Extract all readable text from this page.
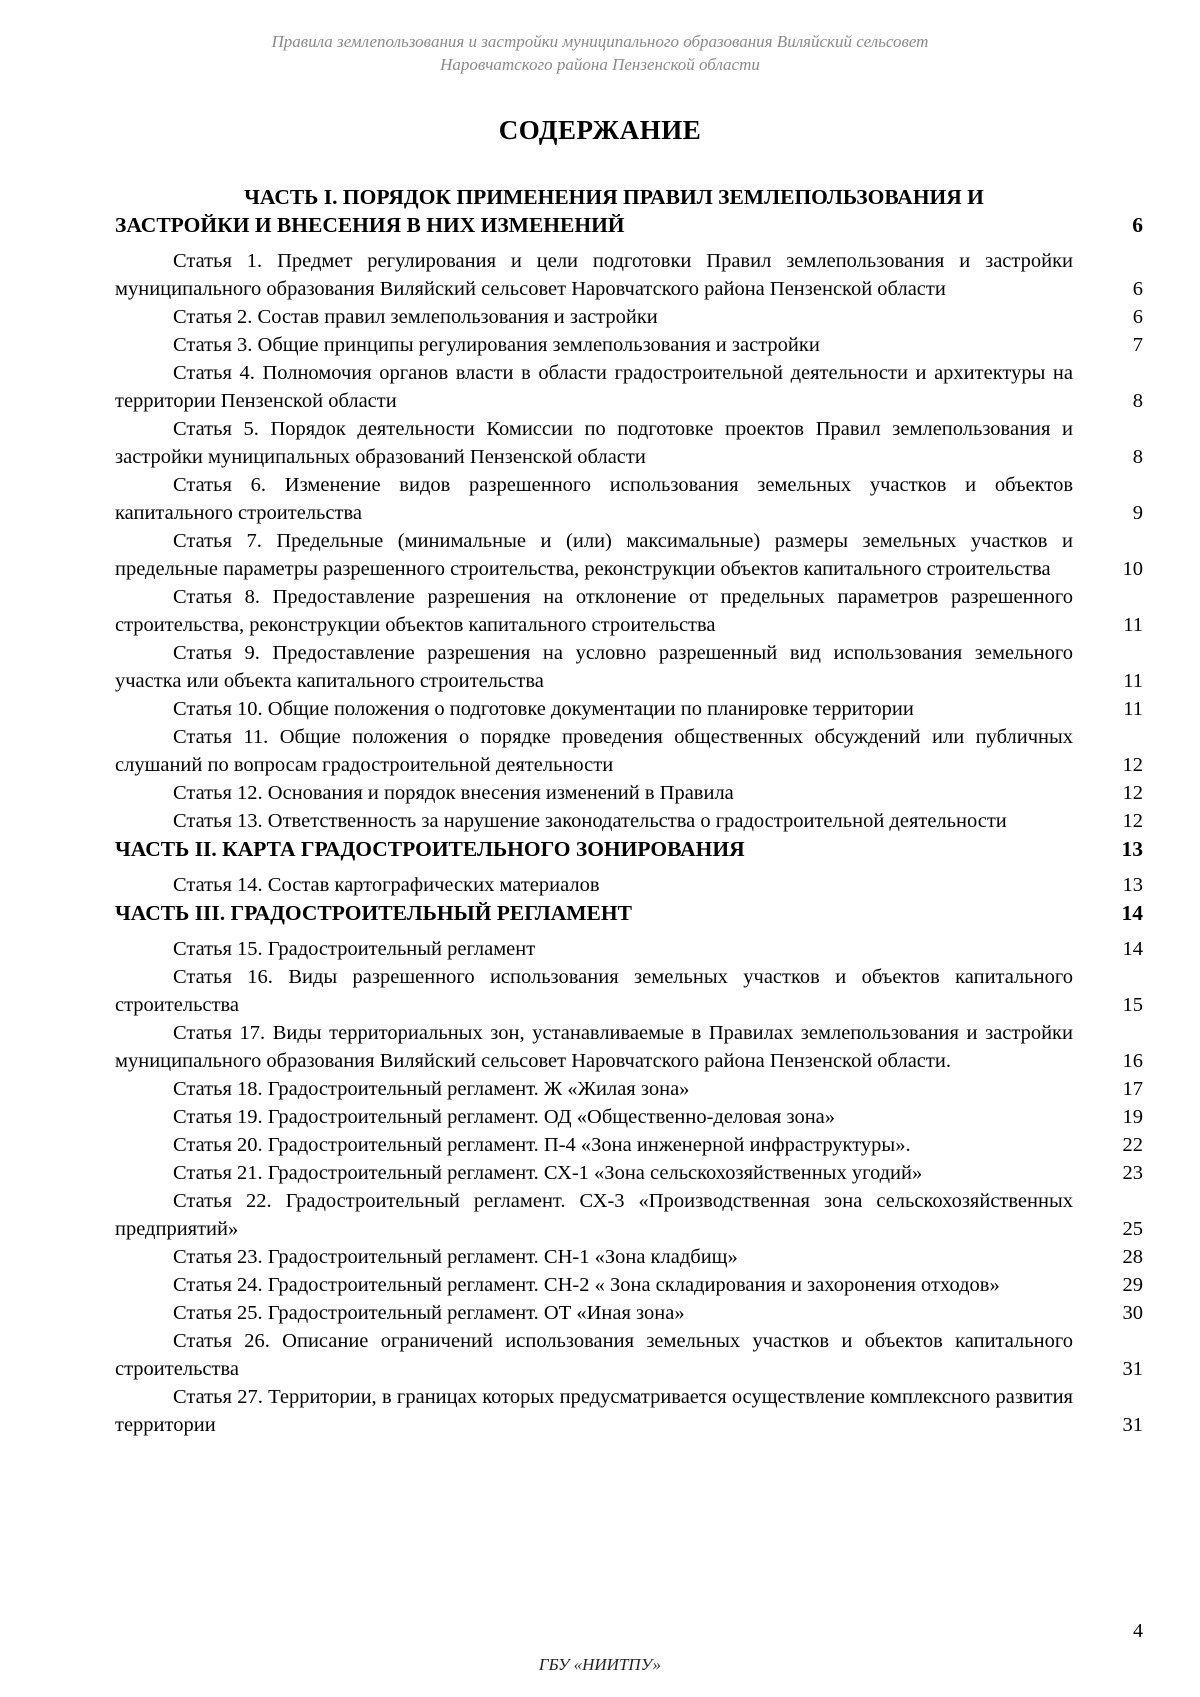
Правила землепользования и застройки муниципального образования Виляйский сельсовет
Наровчатского района Пензенской области
СОДЕРЖАНИЕ
ЧАСТЬ I. ПОРЯДОК ПРИМЕНЕНИЯ ПРАВИЛ ЗЕМЛЕПОЛЬЗОВАНИЯ И
ЗАСТРОЙКИ И ВНЕСЕНИЯ В НИХ ИЗМЕНЕНИЙ	6
Статья 1. Предмет регулирования и цели подготовки Правил землепользования и застройки муниципального образования Виляйский сельсовет Наровчатского района Пензенской области	6
Статья 2. Состав правил землепользования и застройки	6
Статья 3. Общие принципы регулирования землепользования и застройки	7
Статья 4. Полномочия органов власти в области градостроительной деятельности и архитектуры на территории Пензенской области	8
Статья 5. Порядок деятельности Комиссии по подготовке проектов Правил землепользования и застройки муниципальных образований Пензенской области	8
Статья 6. Изменение видов разрешенного использования земельных участков и объектов капитального строительства	9
Статья 7. Предельные (минимальные и (или) максимальные) размеры земельных участков и предельные параметры разрешенного строительства, реконструкции объектов капитального строительства	10
Статья 8. Предоставление разрешения на отклонение от предельных параметров разрешенного строительства, реконструкции объектов капитального строительства	11
Статья 9. Предоставление разрешения на условно разрешенный вид использования земельного участка или объекта капитального строительства	11
Статья 10. Общие положения о подготовке документации по планировке территории	11
Статья 11. Общие положения о порядке проведения общественных обсуждений или публичных слушаний по вопросам градостроительной деятельности	12
Статья 12. Основания и порядок внесения изменений в Правила	12
Статья 13. Ответственность за нарушение законодательства о градостроительной деятельности	12
ЧАСТЬ II. КАРТА ГРАДОСТРОИТЕЛЬНОГО ЗОНИРОВАНИЯ	13
Статья 14. Состав картографических материалов	13
ЧАСТЬ III. ГРАДОСТРОИТЕЛЬНЫЙ РЕГЛАМЕНТ	14
Статья 15. Градостроительный регламент	14
Статья 16. Виды разрешенного использования земельных участков и объектов капитального строительства	15
Статья 17. Виды территориальных зон, устанавливаемые в Правилах землепользования и застройки муниципального образования Виляйский сельсовет Наровчатского района Пензенской области.	16
Статья 18. Градостроительный регламент. Ж «Жилая зона»	17
Статья 19. Градостроительный регламент. ОД «Общественно-деловая зона»	19
Статья 20. Градостроительный регламент. П-4 «Зона инженерной инфраструктуры».	22
Статья 21. Градостроительный регламент. СХ-1 «Зона сельскохозяйственных угодий»	23
Статья 22. Градостроительный регламент. СХ-3 «Производственная зона сельскохозяйственных предприятий»	25
Статья 23. Градостроительный регламент. СН-1 «Зона кладбищ»	28
Статья 24. Градостроительный регламент. СН-2 « Зона складирования и захоронения отходов»	29
Статья 25. Градостроительный регламент. ОТ «Иная зона»	30
Статья 26. Описание ограничений использования земельных участков и объектов капитального строительства	31
Статья 27. Территории, в границах которых предусматривается осуществление комплексного развития территории	31
4
ГБУ «НИИТПУ»
